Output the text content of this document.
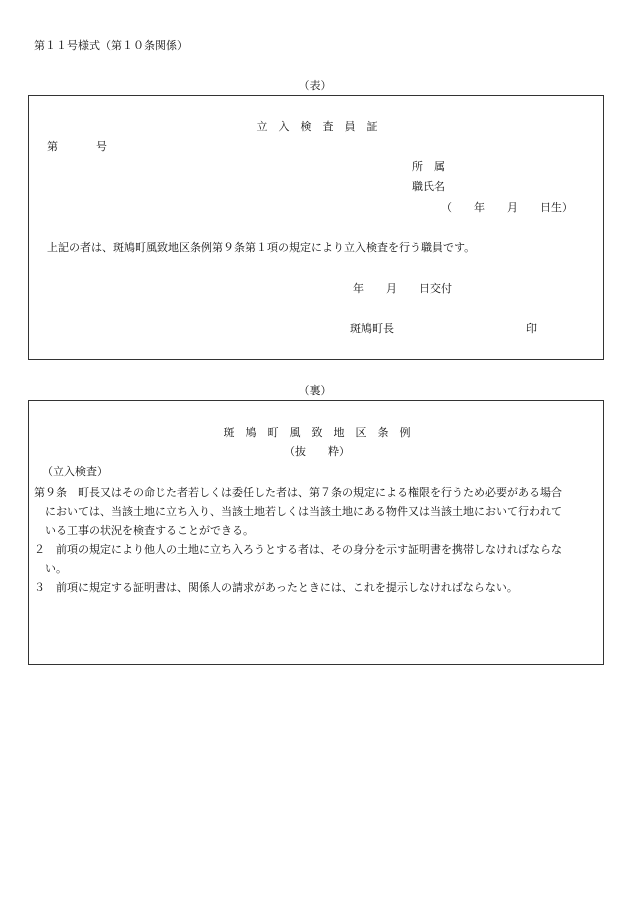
第１１号様式（第１０条関係）
（表）
立　入　検　査　員　証
第	号
所　属
職氏名
（　　年　　月　　日生）
上記の者は、斑鳩町風致地区条例第９条第１項の規定により立入検査を行う職員です。
年　　月　　日交付
斑鳩町長	印
（裏）
斑　鳩　町　風　致　地　区　条　例
（抜　　粋）
（立入検査）
第９条　町長又はその命じた者若しくは委任した者は、第７条の規定による権限を行うため必要がある場合
　においては、当該土地に立ち入り、当該土地若しくは当該土地にある物件又は当該土地において行われて
　いる工事の状況を検査することができる。
２　前項の規定により他人の土地に立ち入ろうとする者は、その身分を示す証明書を携帯しなければならな
　い。
３　前項に規定する証明書は、関係人の請求があったときには、これを提示しなければならない。
